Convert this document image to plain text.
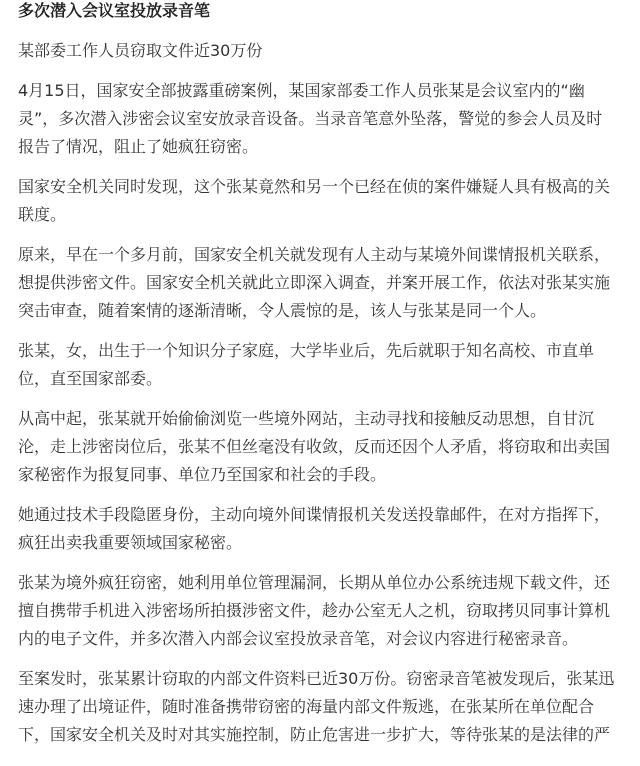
多次潜入会议室投放录音笔

某部委工作人员窃取文件近30万份

4月15日，国家安全部披露重磅案例，某国家部委工作人员张某是会议室内的“幽
灵”，多次潜入涉密会议室安放录音设备。当录音笔意外坠落，警觉的参会人员及时
报告了情况，阻止了她疯狂窃密。

国家安全机关同时发现，这个张某竟然和另一个已经在侦的案件嫌疑人具有极高的关
联度。

原来，早在一个多月前，国家安全机关就发现有人主动与某境外间谍情报机关联系，
想提供涉密文件。国家安全机关就此立即深入调查，并案开展工作，依法对张某实施
突击审查，随着案情的逐渐清晰，令人震惊的是，该人与张某是同一个人。

张某，女，出生于一个知识分子家庭，大学毕业后，先后就职于知名高校、市直单
位，直至国家部委。

从高中起，张某就开始偷偷浏览一些境外网站，主动寻找和接触反动思想，自甘沉
沦，走上涉密岗位后，张某不但丝毫没有收敛，反而还因个人矛盾，将窃取和出卖国
家秘密作为报复同事、单位乃至国家和社会的手段。

她通过技术手段隐匿身份，主动向境外间谍情报机关发送投靠邮件，在对方指挥下，
疯狂出卖我重要领域国家秘密。

张某为境外疯狂窃密，她利用单位管理漏洞，长期从单位办公系统违规下载文件，还
擅自携带手机进入涉密场所拍摄涉密文件，趁办公室无人之机，窃取拷贝同事计算机
内的电子文件，并多次潜入内部会议室投放录音笔，对会议内容进行秘密录音。

至案发时，张某累计窃取的内部文件资料已近30万份。窃密录音笔被发现后，张某迅
速办理了出境证件，随时准备携带窃密的海量内部文件叛逃，在张某所在单位配合
下，国家安全机关及时对其实施控制，防止危害进一步扩大，等待张某的是法律的严
